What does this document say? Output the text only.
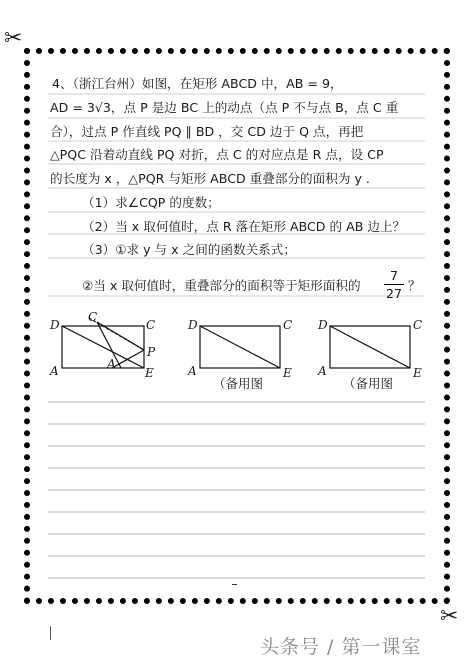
✂
✂
4、（浙江台州）如图，在矩形 ABCD 中，AB = 9，
AD = 3√3，点 P 是边 BC 上的动点（点 P 不与点 B，点 C 重
合），过点 P 作直线 PQ ∥ BD ，交 CD 边于 Q 点，再把
△PQC 沿着动直线 PQ 对折，点 C 的对应点是 R 点，设 CP
的长度为 x ，△PQR 与矩形 ABCD 重叠部分的面积为 y .
（1）求∠CQP 的度数；
（2）当 x 取何值时，点 R 落在矩形 ABCD 的 AB 边上？
（3）①求 y 与 x 之间的函数关系式；
②当 x 取何值时，重叠部分的面积等于矩形面积的
7
27
？
D
C
C
P
A	A
E
D	C
A	E
（备用图
D	C
A	E
（备用图
头条号 / 第一课室
